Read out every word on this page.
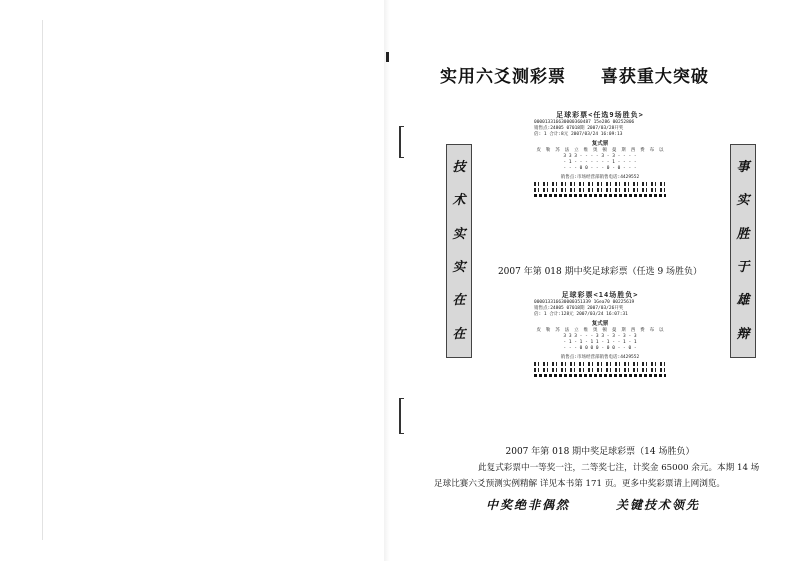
实用六爻测彩票 喜获重大突破
技
术
实
实
在
在
事
实
胜
于
雄
辩
足球彩票<任选9场胜负>
000013316630000360487 15e286 00252806
销售点:24805 07018期 2007/03/28开奖
倍: 1 合计:8元 2007/03/24 16:09:13
复式票
皮	勒	苏	法	立	维	奥	顿	曼	斯	西	费	布	以
3 3 3 - - - - 3 - 3 - - - -
- 1 - - - - - - - 1 - - - -
- - - 0 0 - - - 0 - 0 - - -
销售点:市场经营部销售电话:4429552
2007 年第 018 期中奖足球彩票（任选 9 场胜负）
足球彩票<14场胜负>
000013316630000351339 1Gea70 00225619
销售点:24805 07018期 2007/03/26开奖
倍: 1 合计:128元 2007/03/24 16:07:31
复式票
皮	勒	苏	法	立	维	奥	顿	曼	斯	西	费	布	以
3 3 3 - - - 3 3 - 3 - 3 - 3
- 1 - 1 - 1 1 - 1 - - 1 - 1
- - - 0 0 0 0 - 0 0 - - 0 -
销售点:市场经营部销售电话:4429552
2007 年第 018 期中奖足球彩票（14 场胜负）
此复式彩票中一等奖一注，二等奖七注，计奖金 65000 余元。本期 14 场
足球比赛六爻预测实例精解 详见本书第 171 页。更多中奖彩票请上网浏览。
中奖绝非偶然	关键技术领先
